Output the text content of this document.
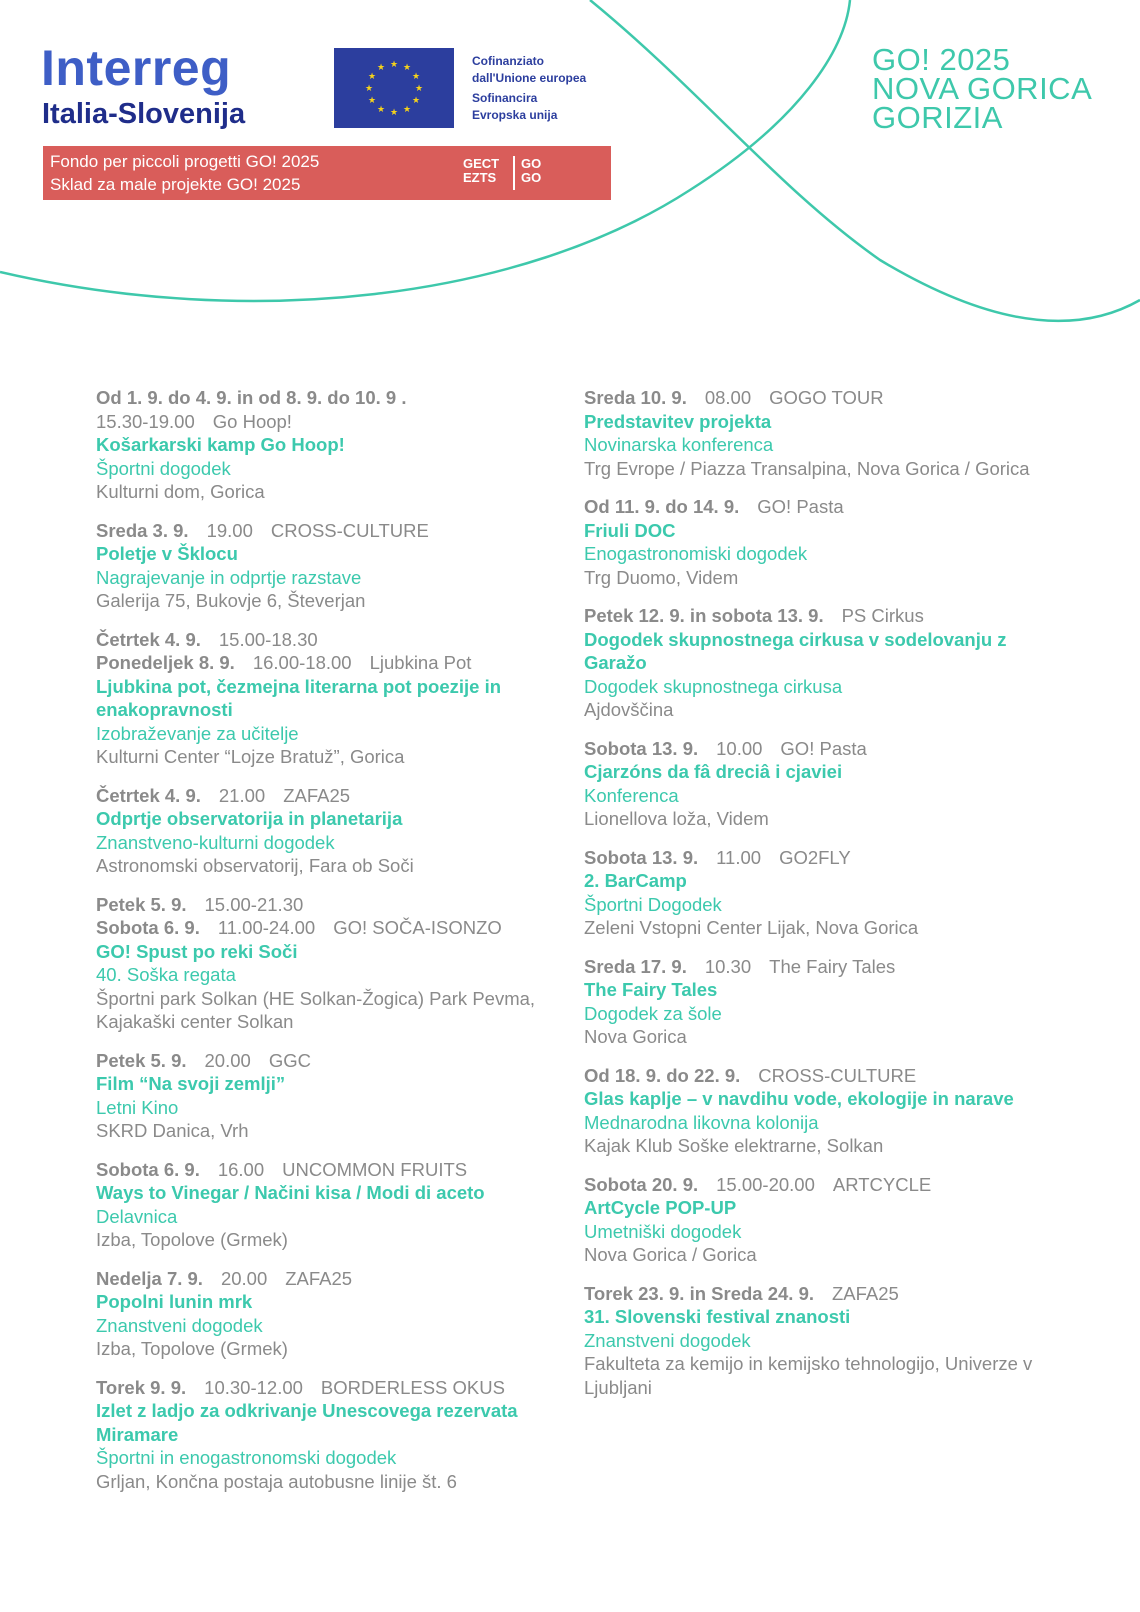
Interreg
Italia-Slovenija
★ ★
★
★
★
★
★
★
★
★
★
★	Cofinanziato
dall'Unione europea
Sofinancira
Evropska unija
Fondo per piccoli progetti GO! 2025
Sklad za male projekte GO! 2025
GECT
EZTS
GO
GO
GO! 2025
NOVA GORICA
GORIZIA
Od 1. 9. do 4. 9. in od 8. 9. do 10. 9 .
15.30-19.00 Go Hoop!
Košarkarski kamp Go Hoop!
Športni dogodek
Kulturni dom, Gorica
Sreda 3. 9. 19.00 CROSS-CULTURE
Poletje v Šklocu
Nagrajevanje in odprtje razstave
Galerija 75, Bukovje 6, Števerjan
Četrtek 4. 9. 15.00-18.30
Ponedeljek 8. 9. 16.00-18.00 Ljubkina Pot
Ljubkina pot, čezmejna literarna pot poezije in enakopravnosti
Izobraževanje za učitelje
Kulturni Center “Lojze Bratuž”, Gorica
Četrtek 4. 9. 21.00 ZAFA25
Odprtje observatorija in planetarija
Znanstveno-kulturni dogodek
Astronomski observatorij, Fara ob Soči
Petek 5. 9. 15.00-21.30
Sobota 6. 9. 11.00-24.00 GO! SOČA-ISONZO
GO! Spust po reki Soči
40. Soška regata
Športni park Solkan (HE Solkan-Žogica) Park Pevma, Kajakaški center Solkan
Petek 5. 9. 20.00 GGC
Film “Na svoji zemlji”
Letni Kino
SKRD Danica, Vrh
Sobota 6. 9. 16.00 UNCOMMON FRUITS
Ways to Vinegar / Načini kisa / Modi di aceto
Delavnica
Izba, Topolove (Grmek)
Nedelja 7. 9. 20.00 ZAFA25
Popolni lunin mrk
Znanstveni dogodek
Izba, Topolove (Grmek)
Torek 9. 9. 10.30-12.00 BORDERLESS OKUS
Izlet z ladjo za odkrivanje Unescovega rezervata Miramare
Športni in enogastronomski dogodek
Grljan, Končna postaja autobusne linije št. 6
Sreda 10. 9. 08.00 GOGO TOUR
Predstavitev projekta
Novinarska konferenca
Trg Evrope / Piazza Transalpina, Nova Gorica / Gorica
Od 11. 9. do 14. 9. GO! Pasta
Friuli DOC
Enogastronomiski dogodek
Trg Duomo, Videm
Petek 12. 9. in sobota 13. 9. PS Cirkus
Dogodek skupnostnega cirkusa v sodelovanju z Garažo
Dogodek skupnostnega cirkusa
Ajdovščina
Sobota 13. 9. 10.00 GO! Pasta
Cjarzóns da fâ dreciâ i cjaviei
Konferenca
Lionellova loža, Videm
Sobota 13. 9. 11.00 GO2FLY
2. BarCamp
Športni Dogodek
Zeleni Vstopni Center Lijak, Nova Gorica
Sreda 17. 9. 10.30 The Fairy Tales
The Fairy Tales
Dogodek za šole
Nova Gorica
Od 18. 9. do 22. 9. CROSS-CULTURE
Glas kaplje – v navdihu vode, ekologije in narave
Mednarodna likovna kolonija
Kajak Klub Soške elektrarne, Solkan
Sobota 20. 9. 15.00-20.00 ARTCYCLE
ArtCycle POP-UP
Umetniški dogodek
Nova Gorica / Gorica
Torek 23. 9. in Sreda 24. 9. ZAFA25
31. Slovenski festival znanosti
Znanstveni dogodek
Fakulteta za kemijo in kemijsko tehnologijo, Univerze v Ljubljani
